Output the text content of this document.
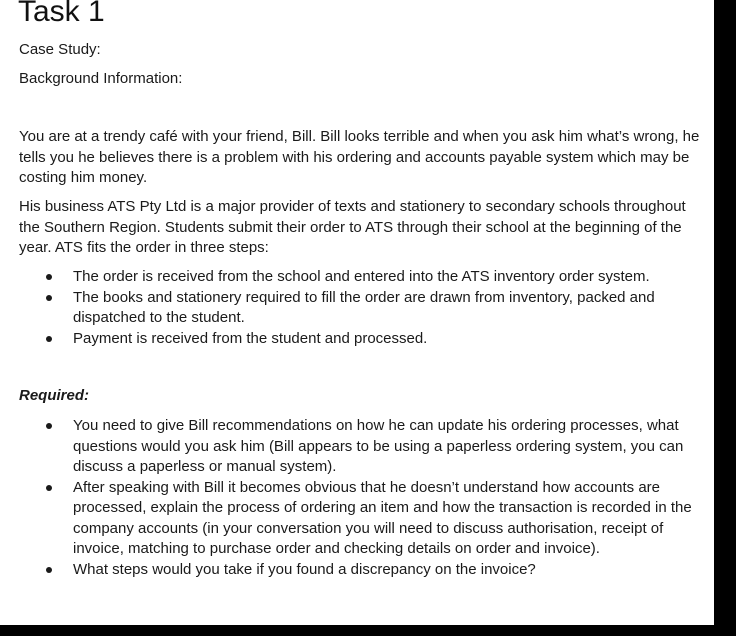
Task 1

Case Study:

Background Information:

You are at a trendy café with your friend, Bill. Bill looks terrible and when you ask him what’s wrong, he tells you he believes there is a problem with his ordering and accounts payable system which may be costing him money.

His business ATS Pty Ltd is a major provider of texts and stationery to secondary schools throughout the Southern Region. Students submit their order to ATS through their school at the beginning of the year. ATS fits the order in three steps:

The order is received from the school and entered into the ATS inventory order system.
The books and stationery required to fill the order are drawn from inventory, packed and dispatched to the student.
Payment is received from the student and processed.

Required:

You need to give Bill recommendations on how he can update his ordering processes, what questions would you ask him (Bill appears to be using a paperless ordering system, you can discuss a paperless or manual system).
After speaking with Bill it becomes obvious that he doesn’t understand how accounts are processed, explain the process of ordering an item and how the transaction is recorded in the company accounts (in your conversation you will need to discuss authorisation, receipt of invoice, matching to purchase order and checking details on order and invoice).
What steps would you take if you found a discrepancy on the invoice?
